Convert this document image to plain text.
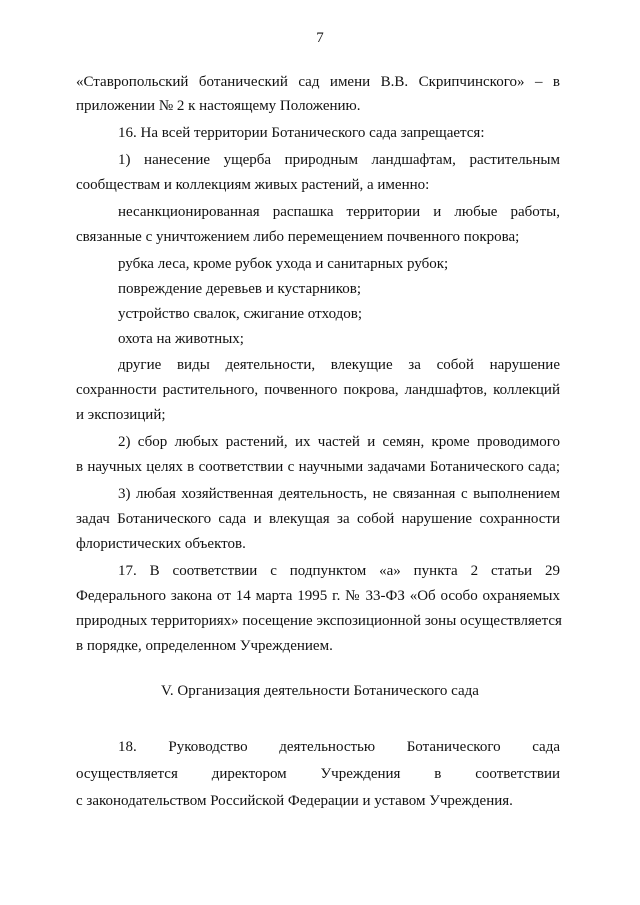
7
«Ставропольский ботанический сад имени В.В. Скрипчинского» – в
приложении № 2 к настоящему Положению.
16. На всей территории Ботанического сада запрещается:
1) нанесение ущерба природным ландшафтам, растительным
сообществам и коллекциям живых растений, а именно:
несанкционированная распашка территории и любые работы,
связанные с уничтожением либо перемещением почвенного покрова;
рубка леса, кроме рубок ухода и санитарных рубок;
повреждение деревьев и кустарников;
устройство свалок, сжигание отходов;
охота на животных;
другие виды деятельности, влекущие за собой нарушение
сохранности растительного, почвенного покрова, ландшафтов, коллекций
и экспозиций;
2) сбор любых растений, их частей и семян, кроме проводимого
в научных целях в соответствии с научными задачами Ботанического сада;
3) любая хозяйственная деятельность, не связанная с выполнением
задач Ботанического сада и влекущая за собой нарушение сохранности
флористических объектов.
17. В соответствии с подпунктом «а» пункта 2 статьи 29
Федерального закона от 14 марта 1995 г. № 33-ФЗ «Об особо охраняемых
природных территориях» посещение экспозиционной зоны осуществляется
в порядке, определенном Учреждением.
V. Организация деятельности Ботанического сада
18. Руководство деятельностью Ботанического сада
осуществляется директором Учреждения в соответствии
с законодательством Российской Федерации и уставом Учреждения.
